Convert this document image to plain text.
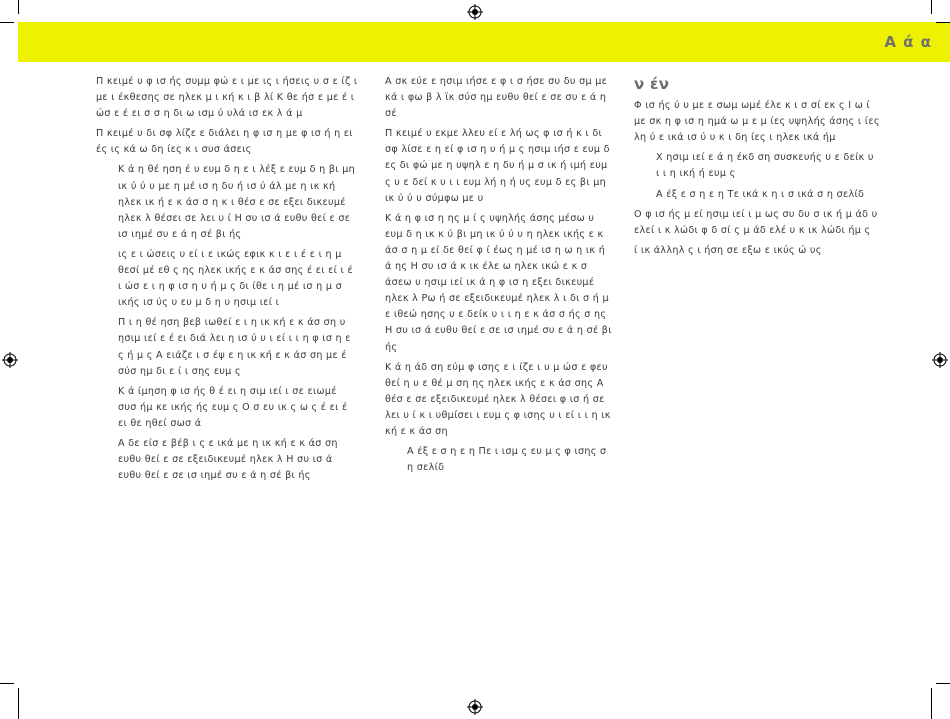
Α ά α

Π κειμέ υ φ ισ ής συμμ φώ ε ι με ις ι ήσεις υ σ ε ίζ ι με ι έκθεσης σε ηλεκ μ ι κή κ ι β λί Κ θε ήσ ε με έ ι ώσ ε έ ει σ σ η δι ω ισμ ύ υλά ισ εκ λ ά μ

Π κειμέ υ δι σφ λίζε ε διάλει η φ ισ η με φ ισ ή η ει ές ις κά ω δη ίες κ ι συσ άσεις

Κ ά η θέ ηση έ υ ευμ δ η ε ι λέξ ε ευμ δ η βι μη ικ ύ ύ υ με η μέ ισ η δυ ή ισ ύ άλ με η ικ κή ηλεκ ικ ή ε κ άσ σ η κ ι θέσ ε σε εξει δικευμέ ηλεκ λ θέσει σε λει υ ί Η συ ισ ά ευθυ θεί ε σε ισ ιημέ συ ε ά η σέ βι ής

ις ε ι ώσεις υ εί ι ε ικώς εφικ κ ι ε ι έ ε ι η μ θεσί μέ εθ ς ης ηλεκ ικής ε κ άσ σης έ ει εί ι έ ι ώσ ε ι η φ ισ η υ ή μ ς δι ίθε ι η μέ ισ η μ σ ικής ισ ύς υ ευ μ δ η υ ησιμ ιεί ι

Π ι η θέ ηση βεβ ιωθεί ε ι η ικ κή ε κ άσ ση υ ησιμ ιεί ε έ ει διά λει η ισ ύ υ ι εί ι ι η φ ισ η ε ς ή μ ς Α ειάζε ι σ έψ ε η ικ κή ε κ άσ ση με έ σύσ ημ δι ε ί ι σης ευμ ς

Κ ά ίμηση φ ισ ής θ έ ει η σιμ ιεί ι σε ειωμέ συσ ήμ κε ικής ής ευμ ς Ο σ ευ ικ ς ω ς έ ει έ ει θε ηθεί σωσ ά

Α δε είσ ε βέβ ι ς ε ικά με η ικ κή ε κ άσ ση ευθυ θεί ε σε εξειδικευμέ ηλεκ λ Η συ ισ ά ευθυ θεί ε σε ισ ιημέ συ ε ά η σέ βι ής

Α σκ εύε ε ησιμ ιήσε ε φ ι σ ήσε συ δυ σμ με κά ι φω β λ ϊκ σύσ ημ ευθυ θεί ε σε συ ε ά η σέ

Π κειμέ υ εκμε λλευ εί ε λή ως φ ισ ή κ ι δι σφ λίσε ε η εί φ ισ η υ ή μ ς ησιμ ιήσ ε ευμ δ ες δι φώ με η υψηλ ε η δυ ή μ σ ικ ή ιμή ευμ ς υ ε δεί κ υ ι ι ευμ λή η ή υς ευμ δ ες βι μη ικ ύ ύ υ σύμφω με υ

Κ ά η φ ισ η ης μ ί ς υψηλής άσης μέσω υ ευμ δ η ικ κ ύ βι μη ικ ύ ύ υ η ηλεκ ικής ε κ άσ σ η μ εί δε θεί φ ί έως η μέ ισ η ω η ικ ή ά ης Η συ ισ ά κ ικ έλε ω ηλεκ ικώ ε κ σ άσεω υ ησιμ ιεί ικ ά η φ ισ η εξει δικευμέ ηλεκ λ Ρω ή σε εξειδικευμέ ηλεκ λ ι δι σ ή μ ε ιθεώ ησης υ ε δείκ υ ι ι η ε κ άσ σ ής σ ης Η συ ισ ά ευθυ θεί ε σε ισ ιημέ συ ε ά η σέ βι ής

Κ ά η άδ ση εύμ φ ισης ε ι ίζε ι υ μ ώσ ε φευ θεί η υ ε θέ μ ση ης ηλεκ ικής ε κ άσ σης Α θέσ ε σε εξειδικευμέ ηλεκ λ θέσει φ ισ ή σε λει υ ί κ ι υθμίσει ι ευμ ς φ ισης υ ι εί ι ι η ικ κή ε κ άσ ση

Α έξ ε σ η ε η Πε ι ισμ ς ευ μ ς φ ισης σ η σελίδ

ν έν

Φ ισ ής ύ υ με ε σωμ ωμέ έλε κ ι σ σί εκ ς Ι ω ί με σκ η φ ισ η ημά ω μ ε μ ίες υψηλής άσης ι ίες λη ύ ε ικά ισ ύ υ κ ι δη ίες ι ηλεκ ικά ήμ

Χ ησιμ ιεί ε ά η έκδ ση συσκευής υ ε δείκ υ ι ι η ική ή ευμ ς

Α έξ ε σ η ε η Τε ικά κ η ι σ ικά σ η σελίδ

Ο φ ισ ής μ εί ησιμ ιεί ι μ ως συ δυ σ ικ ή μ άδ υ ελεί ι κ λώδι φ δ σί ς μ άδ ελέ υ κ ικ λώδι ήμ ς

ί ικ άλληλ ς ι ήση σε εξω ε ικύς ώ υς
